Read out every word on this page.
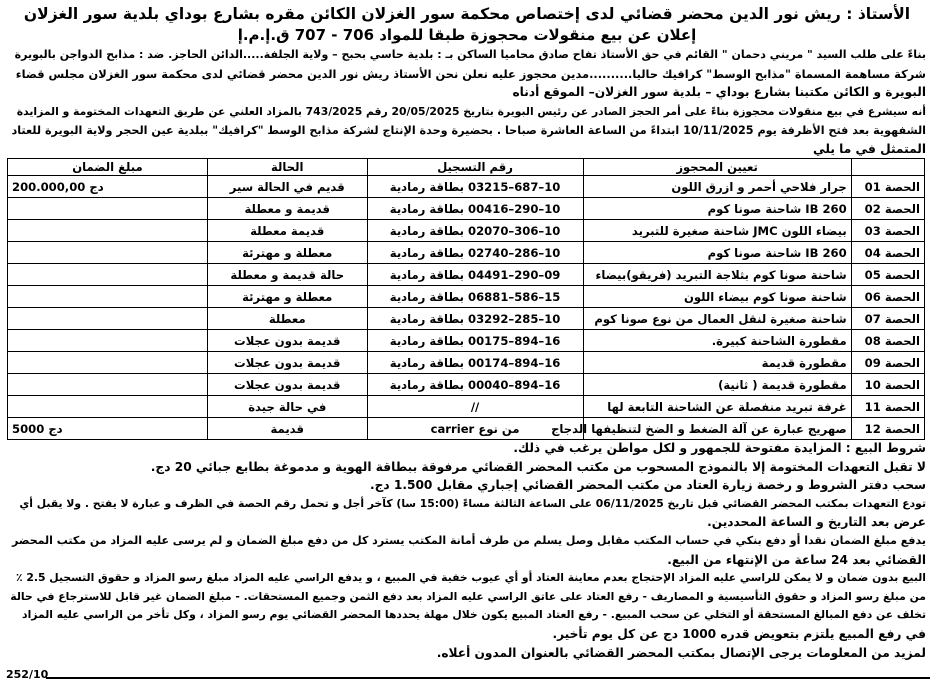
الأستاذ : ريش نور الدين محضر قضائي لدى إختصاص محكمة سور الغزلان الكائن مقره بشارع بوداي بلدية سور الغزلان
إعلان عن بيع منقولات محجوزة طبقا للمواد 706 - 707 ق.إ.م.إ
بناءً على طلب السيد " مريني دحمان " القائم في حق الأستاذ تفاح صادق محاميا الساكن بـ : بلدية حاسي بحبح – ولاية الجلفة.....الدائن الحاجز. ضد : مذابح الدواجن بالبويرة
شركة مساهمة المسماة "مذابح الوسط" كرافيك حاليا..........مدين محجوز عليه نعلن نحن الأستاذ ريش نور الدين محضر قضائي لدى محكمة سور الغزلان مجلس قضاء
البويرة و الكائن مكتبنا بشارع بوداي – بلدية سور الغزلان– الموقع أدناه
أنه سيشرع في بيع منقولات محجوزة بناءً على أمر الحجز الصادر عن رئيس البويرة بتاريخ 20/05/2025 رقم 743/2025 بالمزاد العلني عن طريق التعهدات المختومة و المزايدة
الشفهوية بعد فتح الأظرفة يوم 10/11/2025 ابتداءً من الساعة العاشرة صباحا . بحضيرة وحدة الإنتاج لشركة مذابح الوسط "كرافيك" ببلدية عين الحجر ولاية البويرة للعتاد
المتمثل في ما يلي
	تعيين المحجوز	رقم التسجيل	الحالة	مبلغ الضمان
الحصة 01	جرار فلاحي أحمر و ازرق اللون	10–687–03215 بطاقة رمادية	قديم في الحالة سير	200.000,00 دج
الحصة 02	IB 260 شاحنة صونا كوم	10–290–00416 بطاقة رمادية	قديمة و معطلة	
الحصة 03	بيضاء اللون JMC شاحنة صغيرة للتبريد	10–306–02070 بطاقة رمادية	قديمة معطلة	
الحصة 04	IB 260 شاحنة صونا كوم	10–286–02740 بطاقة رمادية	معطلة و مهترئة	
الحصة 05	شاحنة صونا كوم بثلاجة التبريد (فريقو)بيضاء	09–290–04491 بطاقة رمادية	حالة قديمة و معطلة	
الحصة 06	شاحنة صونا كوم بيضاء اللون	15–586–06881 بطاقة رمادية	معطلة و مهترئة	
الحصة 07	شاحنة صغيرة لنقل العمال من نوع صونا كوم	10–285–03292 بطاقة رمادية	معطلة	
الحصة 08	مقطورة الشاحنة كبيرة.	16–894–00175 بطاقة رمادية	قديمة بدون عجلات	
الحصة 09	مقطورة قديمة	16–894–00174 بطاقة رمادية	قديمة بدون عجلات	
الحصة 10	مقطورة قديمة ( ثانية)	16–894–00040 بطاقة رمادية	قديمة بدون عجلات	
الحصة 11	غرفة تبريد منفصلة عن الشاحنة التابعة لها	//	في حالة جيدة	
الحصة 12	صهريج عبارة عن آلة الضغط و الضخ لتنظيفها الدجاج	من نوع carrier	قديمة	5000 دج
شروط البيع : المزايدة مفتوحة للجمهور و لكل مواطن يرغب في ذلك.
لا تقبل التعهدات المختومة إلا بالنموذج المسحوب من مكتب المحضر القضائي مرفوقة ببطاقة الهوية و مدموغة بطابع جبائي 20 دج.
سحب دفتر الشروط و رخصة زيارة العتاد من مكتب المحضر القضائي إجباري مقابل 1.500 دج.
تودع التعهدات بمكتب المحضر القضائي قبل تاريخ 06/11/2025 على الساعة الثالثة مساءً (15:00 سا) كآخر أجل و تحمل رقم الحصة في الظرف و عبارة لا يفتح . ولا يقبل أي
عرض بعد التاريخ و الساعة المحددين.
يدفع مبلغ الضمان نقدا أو دفع بنكي في حساب المكتب مقابل وصل يسلم من طرف أمانة المكتب يسترد كل من دفع مبلغ الضمان و لم يرسى عليه المزاد من مكتب المحضر
القضائي بعد 24 ساعة من الإنتهاء من البيع.
البيع بدون ضمان و لا يمكن للراسي عليه المزاد الإحتجاج بعدم معاينة العتاد أو أي عيوب خفية في المبيع ، و يدفع الراسي عليه المزاد مبلغ رسو المزاد و حقوق التسجيل 2.5 ٪
من مبلغ رسو المزاد و حقوق التأسيسية و المصاريف - رفع العتاد على عاتق الراسي عليه المزاد بعد دفع الثمن وجميع المستحقات. - مبلغ الضمان غير قابل للاسترجاع في حالة
تخلف عن دفع المبالغ المستحقة أو التخلي عن سحب المبيع. - رفع العتاد المبيع يكون خلال مهلة يحددها المحضر القضائي يوم رسو المزاد ، وكل تأخر من الراسي عليه المزاد
في رفع المبيع يلتزم بتعويض قدره 1000 دج عن كل يوم تأخير.
لمزيد من المعلومات يرجى الإتصال بمكتب المحضر القضائي بالعنوان المدون أعلاه.
252/10
